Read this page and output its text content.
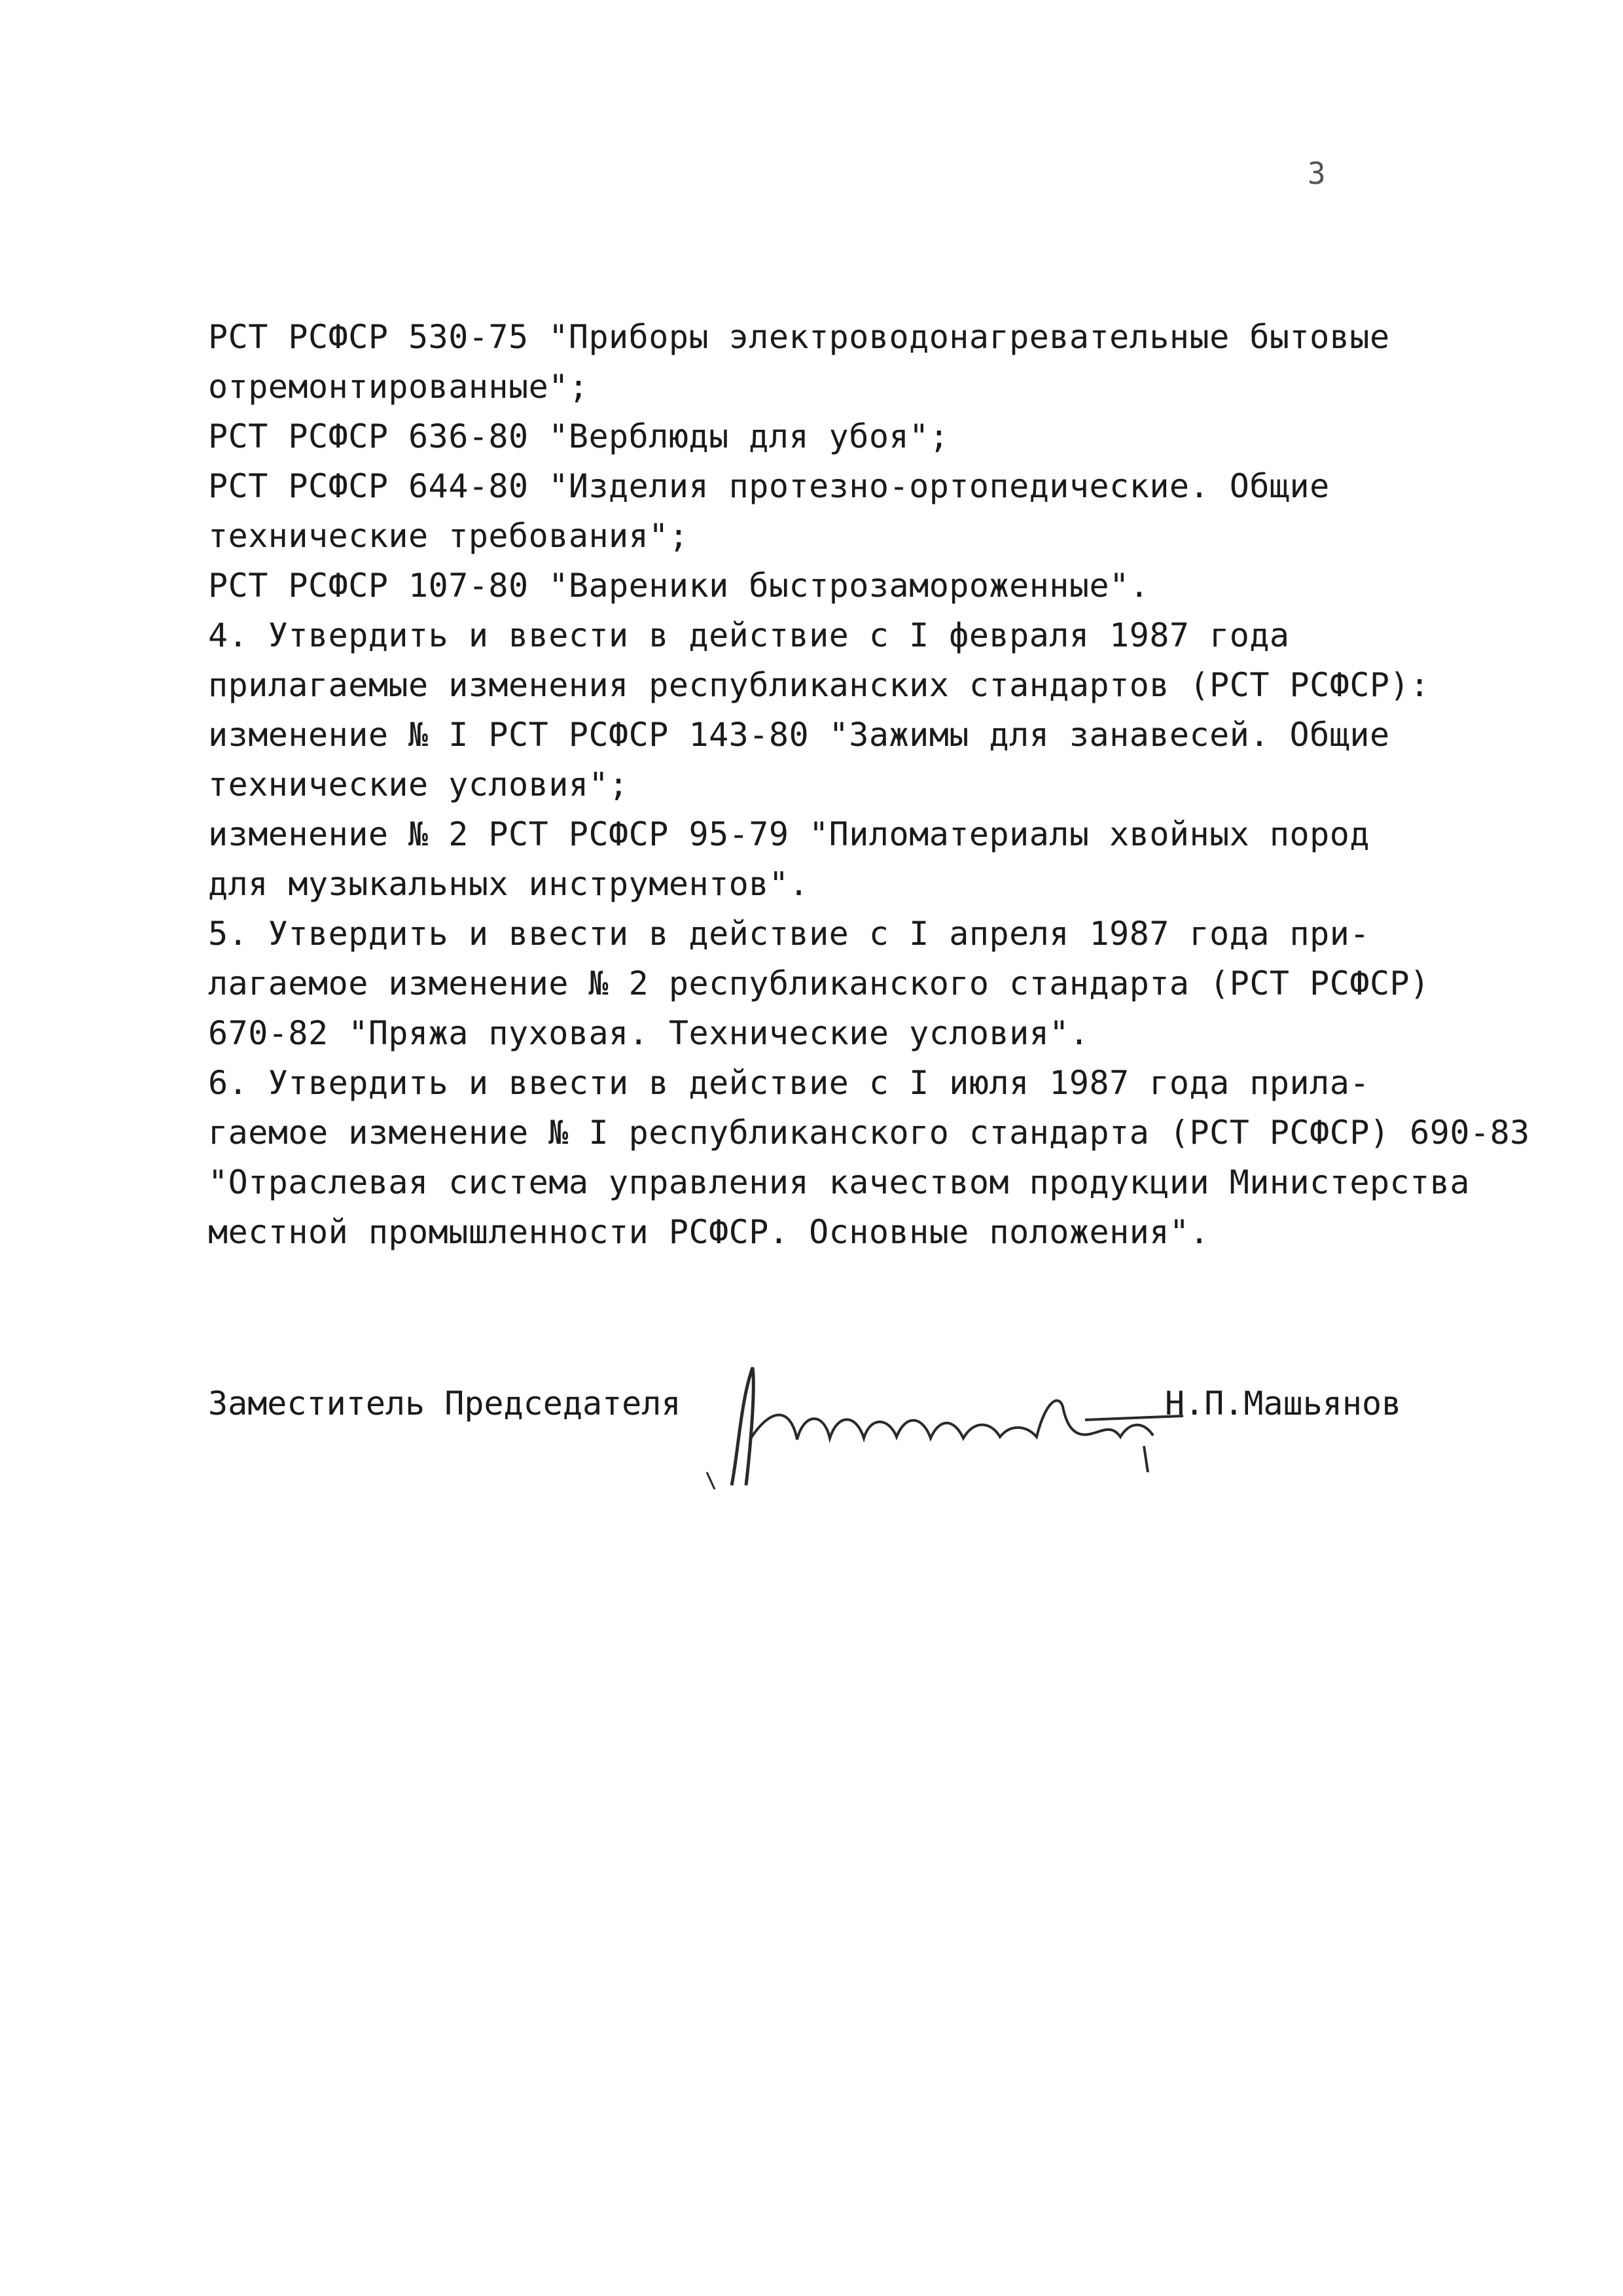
3
РСТ РСФСР 530-75 "Приборы электроводонагревательные бытовые
отремонтированные";
РСТ РСФСР 636-80 "Верблюды для убоя";
РСТ РСФСР 644-80 "Изделия протезно-ортопедические. Общие
технические требования";
РСТ РСФСР 107-80 "Вареники быстрозамороженные".
4. Утвердить и ввести в действие с I февраля 1987 года
прилагаемые изменения республиканских стандартов (РСТ РСФСР):
изменение № I РСТ РСФСР 143-80 "Зажимы для занавесей. Общие
технические условия";
изменение № 2 РСТ РСФСР 95-79 "Пиломатериалы хвойных пород
для музыкальных инструментов".
5. Утвердить и ввести в действие с I апреля 1987 года при-
лагаемое изменение № 2 республиканского стандарта (РСТ РСФСР)
670-82 "Пряжа пуховая. Технические условия".
6. Утвердить и ввести в действие с I июля 1987 года прила-
гаемое изменение № I республиканского стандарта (РСТ РСФСР) 690-83
"Отраслевая система управления качеством продукции Министерства
местной промышленности РСФСР. Основные положения".
Заместитель Председателя	Н.П.Машьянов
